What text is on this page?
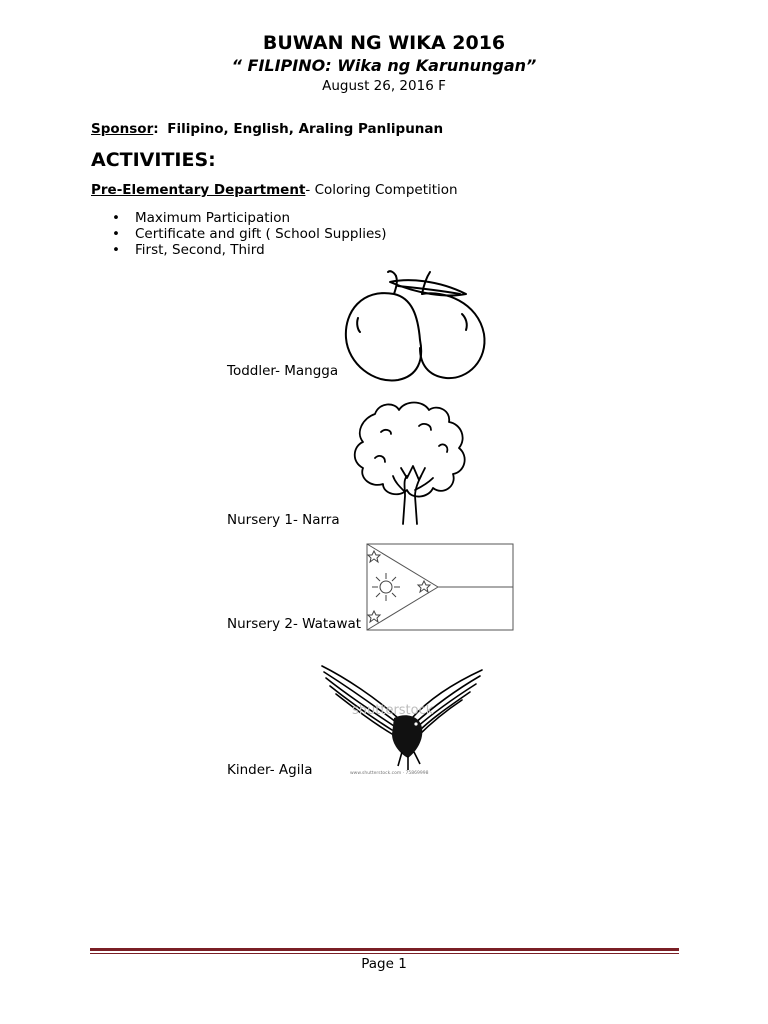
BUWAN NG WIKA 2016
“ FILIPINO: Wika ng Karunungan”
August 26, 2016 F
Sponsor: Filipino, English, Araling Panlipunan
ACTIVITIES:
Pre-Elementary Department- Coloring Competition
• Maximum Participation
• Certificate and gift ( School Supplies)
• First, Second, Third
Toddler- Mangga
Nursery 1- Narra
Nursery 2- Watawat
Kinder- Agila
shutterstock
www.shutterstock.com · 75869998
Page 1
